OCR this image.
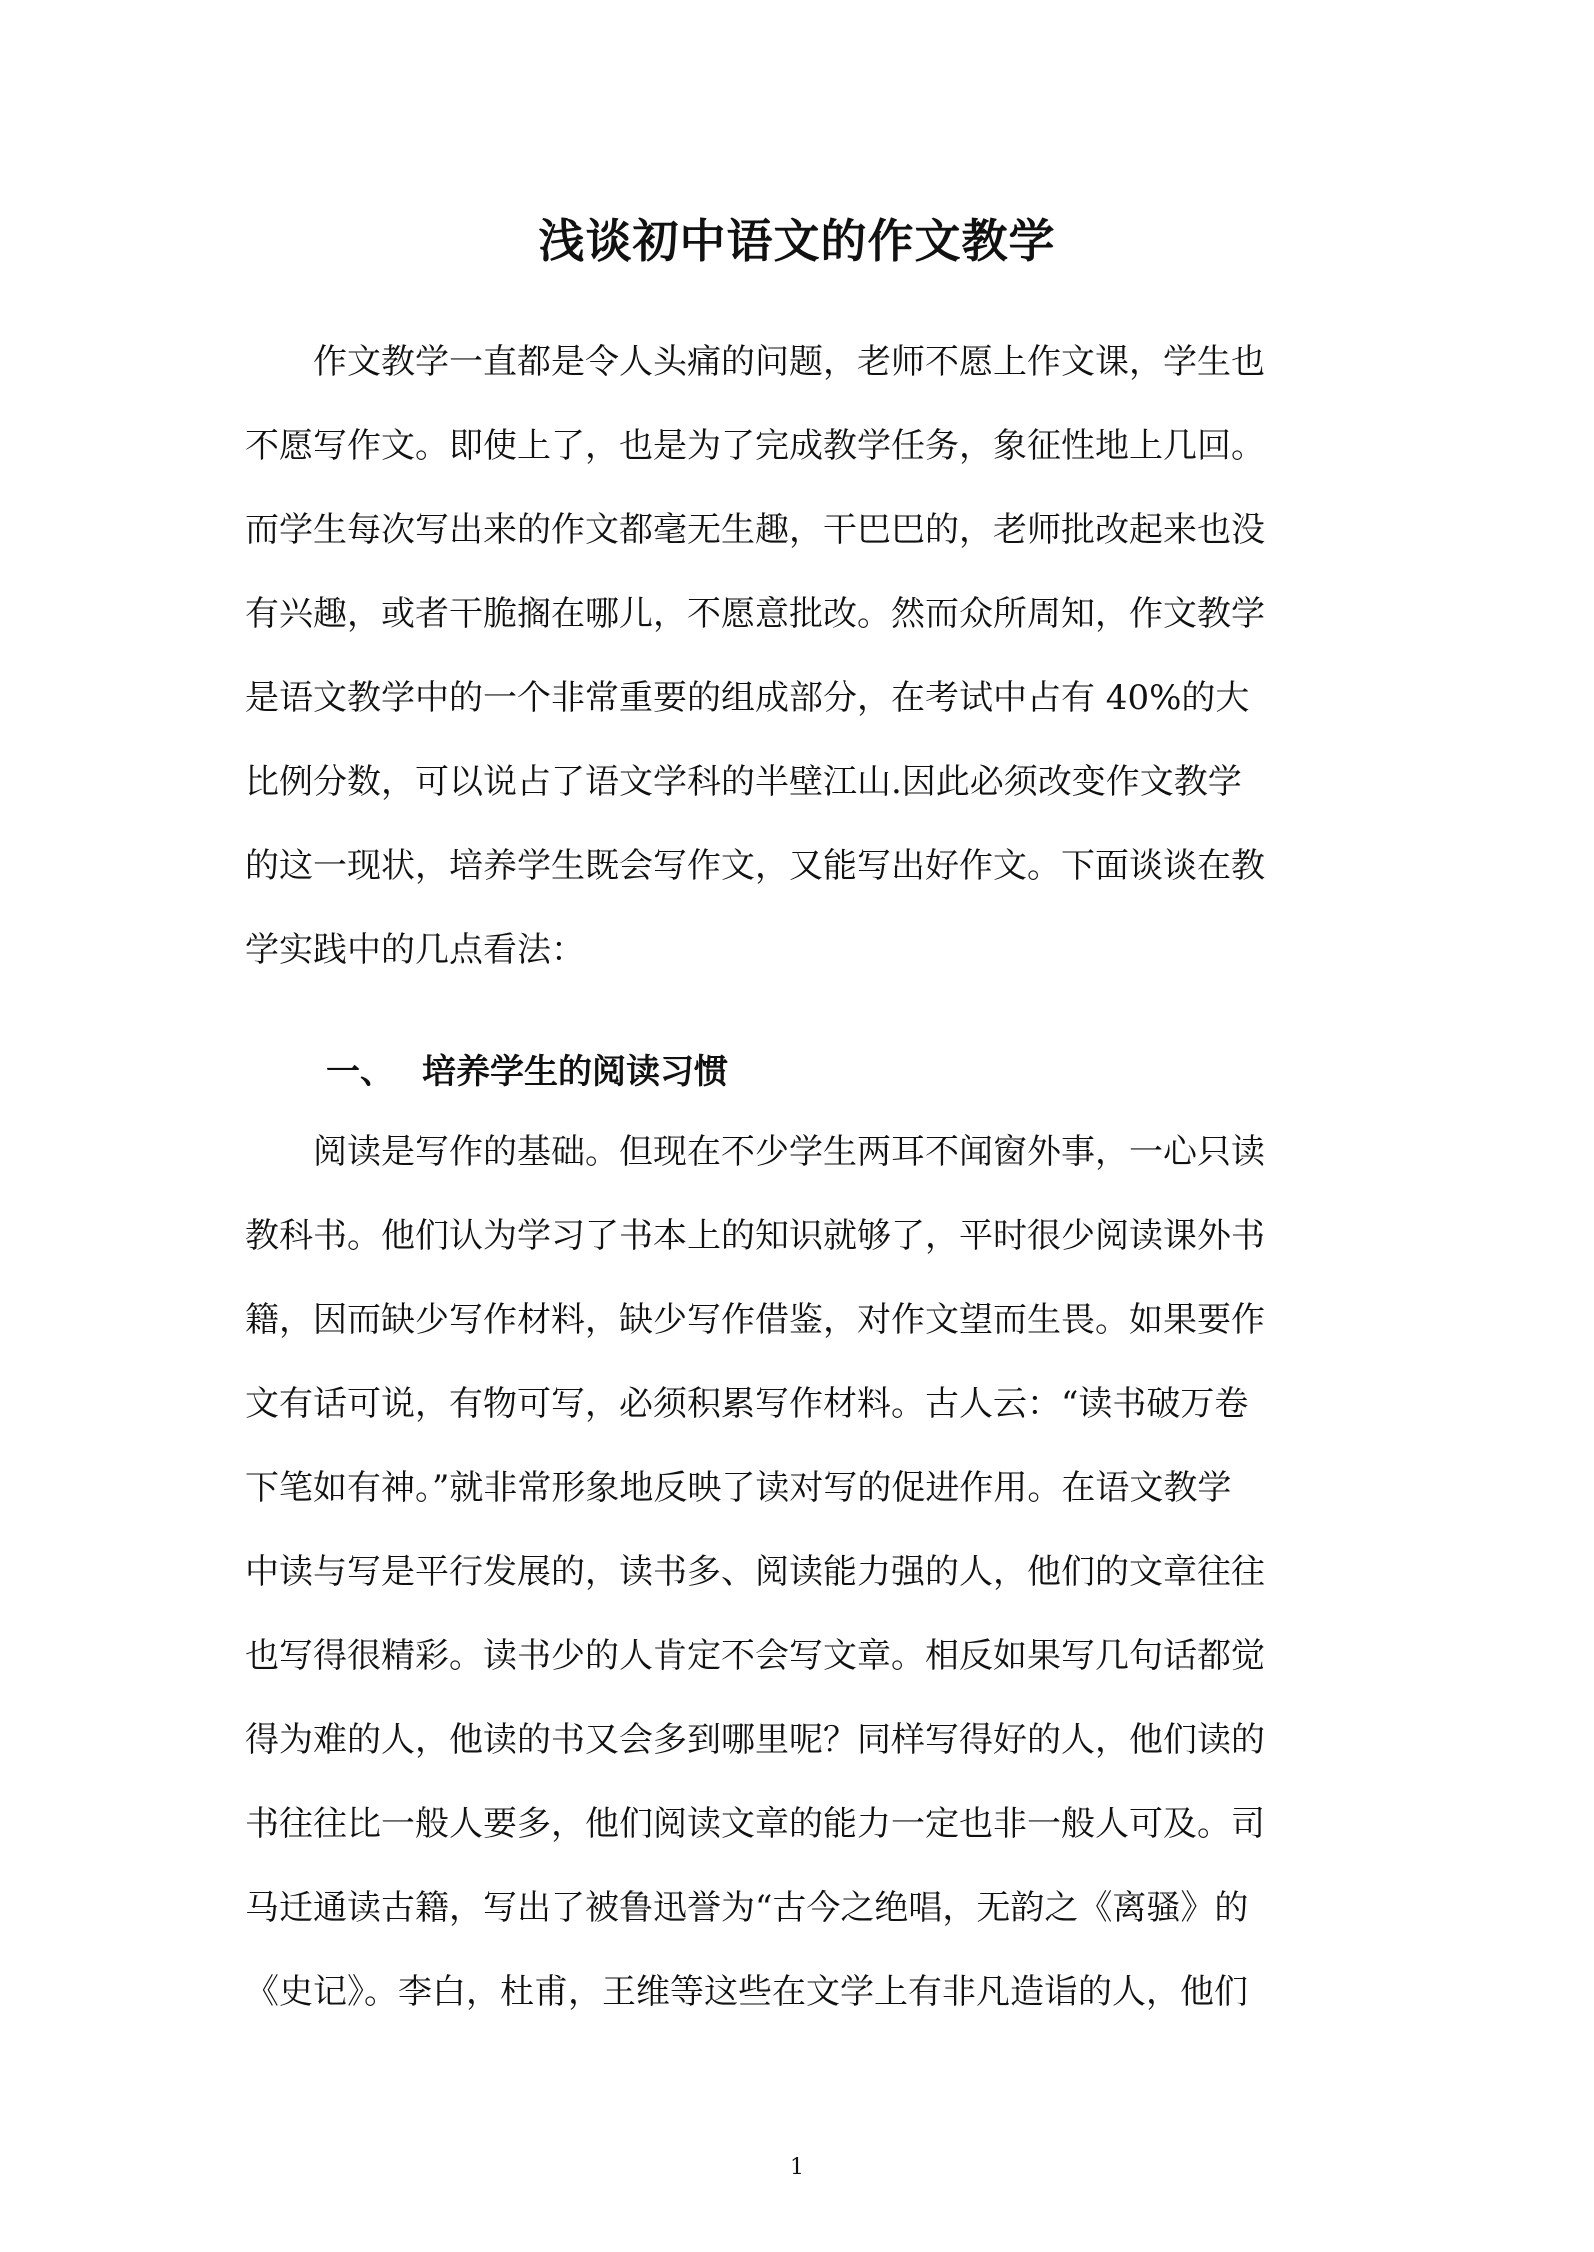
浅谈初中语文的作文教学
　　作文教学一直都是令人头痛的问题，老师不愿上作文课，学生也
不愿写作文。即使上了，也是为了完成教学任务，象征性地上几回。
而学生每次写出来的作文都毫无生趣，干巴巴的，老师批改起来也没
有兴趣，或者干脆搁在哪儿，不愿意批改。然而众所周知，作文教学
是语文教学中的一个非常重要的组成部分，在考试中占有 40%的大
比例分数，可以说占了语文学科的半壁江山.因此必须改变作文教学
的这一现状，培养学生既会写作文，又能写出好作文。下面谈谈在教
学实践中的几点看法：
一、 培养学生的阅读习惯
　　阅读是写作的基础。但现在不少学生两耳不闻窗外事，一心只读
教科书。他们认为学习了书本上的知识就够了，平时很少阅读课外书
籍，因而缺少写作材料，缺少写作借鉴，对作文望而生畏。如果要作
文有话可说，有物可写，必须积累写作材料。古人云：“读书破万卷
下笔如有神。”就非常形象地反映了读对写的促进作用。在语文教学
中读与写是平行发展的，读书多、阅读能力强的人，他们的文章往往
也写得很精彩。读书少的人肯定不会写文章。相反如果写几句话都觉
得为难的人，他读的书又会多到哪里呢？同样写得好的人，他们读的
书往往比一般人要多，他们阅读文章的能力一定也非一般人可及。司
马迁通读古籍，写出了被鲁迅誉为“古今之绝唱，无韵之《离骚》的
《史记》。李白，杜甫，王维等这些在文学上有非凡造诣的人，他们
1
